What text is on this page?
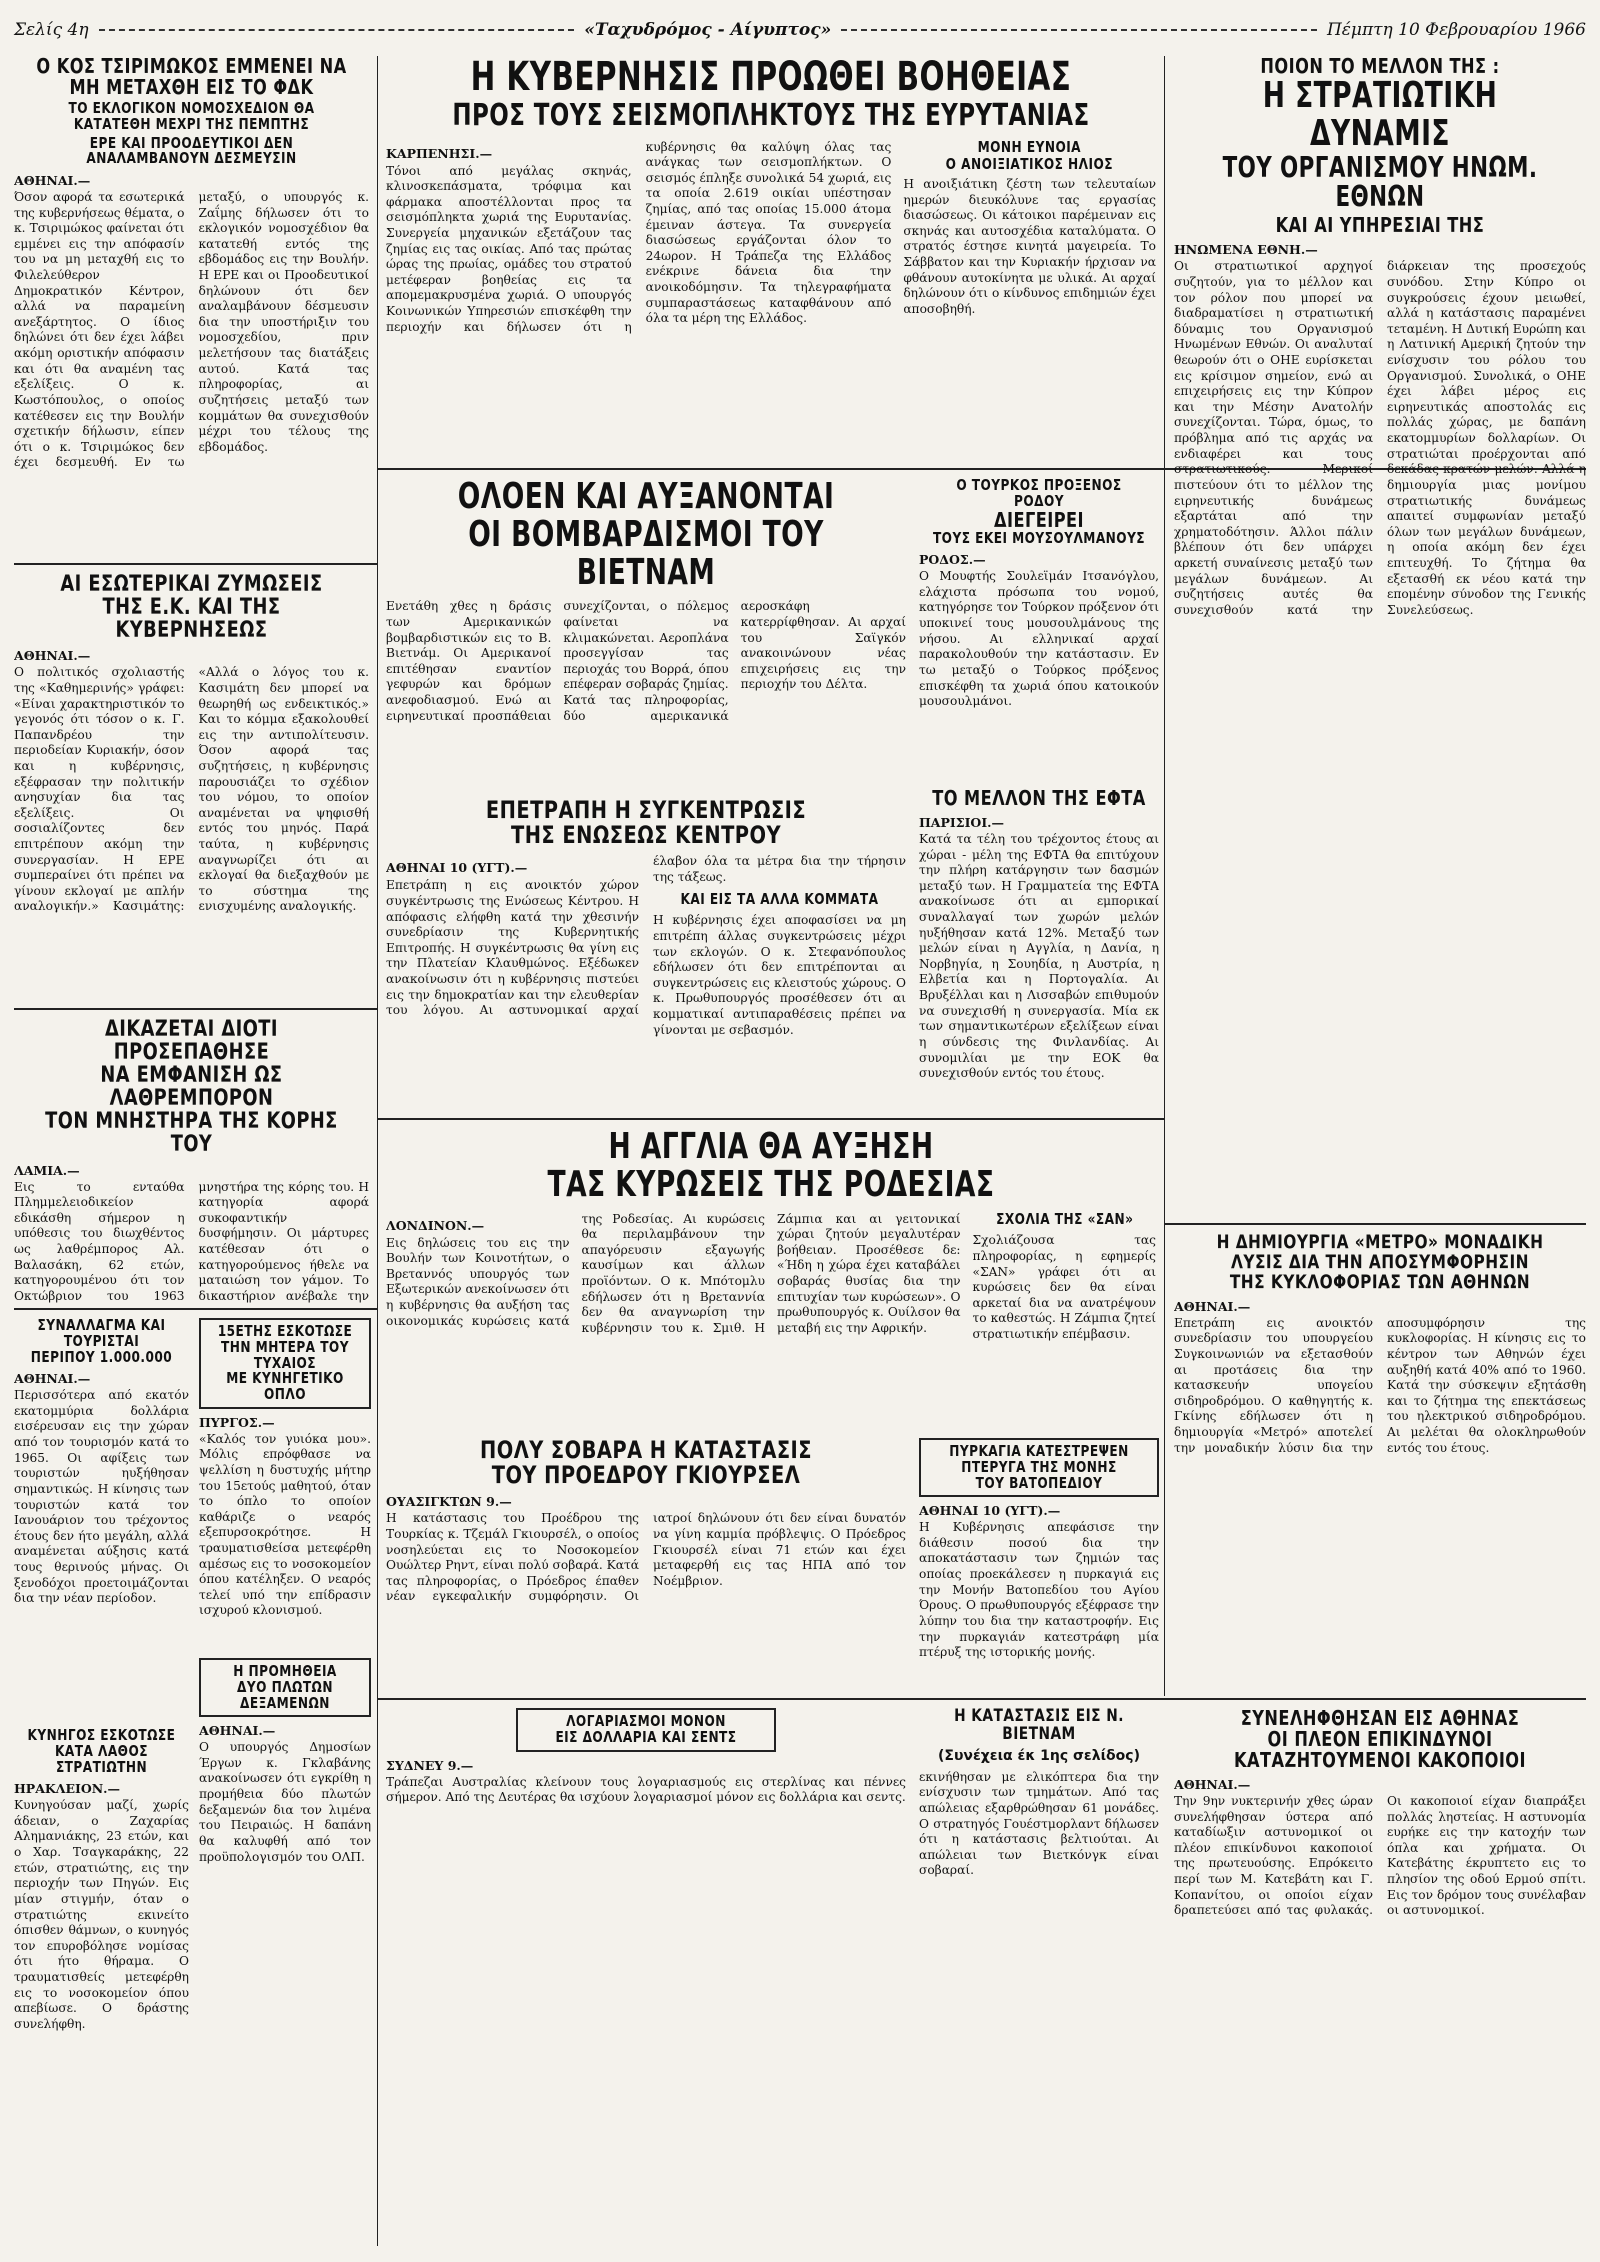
Σελίς 4η	«Ταχυδρόμος - Αίγυπτος»	Πέμπτη 10 Φεβρουαρίου 1966
Ο ΚΟΣ ΤΣΙΡΙΜΩΚΟΣ ΕΜΜΕΝΕΙ ΝΑ ΜΗ ΜΕΤΑΧΘΗ ΕΙΣ ΤΟ ΦΔΚ
ΤΟ ΕΚΛΟΓΙΚΟΝ ΝΟΜΟΣΧΕΔΙΟΝ ΘΑ ΚΑΤΑΤΕΘΗ ΜΕΧΡΙ ΤΗΣ ΠΕΜΠΤΗΣ
ΕΡΕ ΚΑΙ ΠΡΟΟΔΕΥΤΙΚΟΙ ΔΕΝ ΑΝΑΛΑΜΒΑΝΟΥΝ ΔΕΣΜΕΥΣΙΝ
ΑΘΗΝΑΙ.—
Όσον αφορά τα εσωτερικά της κυβερνήσεως θέματα, ο κ. Τσιριμώκος φαίνεται ότι εμμένει εις την απόφασίν του να μη μεταχθή εις το Φιλελεύθερον Δημοκρατικόν Κέντρον, αλλά να παραμείνη ανεξάρτητος. Ο ίδιος δηλώνει ότι δεν έχει λάβει ακόμη οριστικήν απόφασιν και ότι θα αναμένη τας εξελίξεις. Ο κ. Κωστόπουλος, ο οποίος κατέθεσεν εις την Βουλήν σχετικήν δήλωσιν, είπεν ότι ο κ. Τσιριμώκος δεν έχει δεσμευθή. Εν τω μεταξύ, ο υπουργός κ. Ζαΐμης δήλωσεν ότι το εκλογικόν νομοσχέδιον θα κατατεθή εντός της εβδομάδος εις την Βουλήν. Η ΕΡΕ και οι Προοδευτικοί δηλώνουν ότι δεν αναλαμβάνουν δέσμευσιν δια την υποστήριξιν του νομοσχεδίου, πριν μελετήσουν τας διατάξεις αυτού. Κατά τας πληροφορίας, αι συζητήσεις μεταξύ των κομμάτων θα συνεχισθούν μέχρι του τέλους της εβδομάδος.
Η ΚΥΒΕΡΝΗΣΙΣ ΠΡΟΩΘΕΙ ΒΟΗΘΕΙΑΣ
ΠΡΟΣ ΤΟΥΣ ΣΕΙΣΜΟΠΛΗΚΤΟΥΣ ΤΗΣ ΕΥΡΥΤΑΝΙΑΣ
ΚΑΡΠΕΝΗΣΙ.—
Τόνοι από μεγάλας σκηνάς, κλινοσκεπάσματα, τρόφιμα και φάρμακα αποστέλλονται προς τα σεισμόπληκτα χωριά της Ευρυτανίας. Συνεργεία μηχανικών εξετάζουν τας ζημίας εις τας οικίας. Από τας πρώτας ώρας της πρωίας, ομάδες του στρατού μετέφεραν βοηθείας εις τα απομεμακρυσμένα χωριά. Ο υπουργός Κοινωνικών Υπηρεσιών επισκέφθη την περιοχήν και δήλωσεν ότι η κυβέρνησις θα καλύψη όλας τας ανάγκας των σεισμοπλήκτων. Ο σεισμός έπληξε συνολικά 54 χωριά, εις τα οποία 2.619 οικίαι υπέστησαν ζημίας, από τας οποίας 15.000 άτομα έμειναν άστεγα. Τα συνεργεία διασώσεως εργάζονται όλον το 24ωρον. Η Τράπεζα της Ελλάδος ενέκρινε δάνεια δια την ανοικοδόμησιν. Τα τηλεγραφήματα συμπαραστάσεως καταφθάνουν από όλα τα μέρη της Ελλάδος.
ΜΟΝΗ ΕΥΝΟΙΑ
Ο ΑΝΟΙΞΙΑΤΙΚΟΣ ΗΛΙΟΣ
Η ανοιξιάτικη ζέστη των τελευταίων ημερών διευκόλυνε τας εργασίας διασώσεως. Οι κάτοικοι παρέμειναν εις σκηνάς και αυτοσχέδια καταλύματα. Ο στρατός έστησε κινητά μαγειρεία. Το Σάββατον και την Κυριακήν ήρχισαν να φθάνουν αυτοκίνητα με υλικά. Αι αρχαί δηλώνουν ότι ο κίνδυνος επιδημιών έχει αποσοβηθή.
ΠΟΙΟΝ ΤΟ ΜΕΛΛΟΝ ΤΗΣ :
Η ΣΤΡΑΤΙΩΤΙΚΗ ΔΥΝΑΜΙΣ
ΤΟΥ ΟΡΓΑΝΙΣΜΟΥ ΗΝΩΜ. ΕΘΝΩΝ
ΚΑΙ ΑΙ ΥΠΗΡΕΣΙΑΙ ΤΗΣ
ΗΝΩΜΕΝΑ ΕΘΝΗ.—
Οι στρατιωτικοί αρχηγοί συζητούν, για το μέλλον και τον ρόλον που μπορεί να διαδραματίσει η στρατιωτική δύναμις του Οργανισμού Ηνωμένων Εθνών. Οι αναλυταί θεωρούν ότι ο ΟΗΕ ευρίσκεται εις κρίσιμον σημείον, ενώ αι επιχειρήσεις εις την Κύπρον και την Μέσην Ανατολήν συνεχίζονται. Τώρα, όμως, το πρόβλημα από τις αρχάς να ενδιαφέρει και τους στρατιωτικούς. Μερικοί πιστεύουν ότι το μέλλον της ειρηνευτικής δυνάμεως εξαρτάται από την χρηματοδότησιν. Άλλοι πάλιν βλέπουν ότι δεν υπάρχει αρκετή συναίνεσις μεταξύ των μεγάλων δυνάμεων. Αι συζητήσεις αυτές θα συνεχισθούν κατά την διάρκειαν της προσεχούς συνόδου. Στην Κύπρο οι συγκρούσεις έχουν μειωθεί, αλλά η κατάστασις παραμένει τεταμένη. Η Δυτική Ευρώπη και η Λατινική Αμερική ζητούν την ενίσχυσιν του ρόλου του Οργανισμού. Συνολικά, ο ΟΗΕ έχει λάβει μέρος εις ειρηνευτικάς αποστολάς εις πολλάς χώρας, με δαπάνη εκατομμυρίων δολλαρίων. Οι στρατιώται προέρχονται από δεκάδας κρατών μελών. Αλλά η δημιουργία μιας μονίμου στρατιωτικής δυνάμεως απαιτεί συμφωνίαν μεταξύ όλων των μεγάλων δυνάμεων, η οποία ακόμη δεν έχει επιτευχθή. Το ζήτημα θα εξετασθή εκ νέου κατά την επομένην σύνοδον της Γενικής Συνελεύσεως.
ΑΙ ΕΣΩΤΕΡΙΚΑΙ ΖΥΜΩΣΕΙΣ
ΤΗΣ Ε.Κ. ΚΑΙ ΤΗΣ ΚΥΒΕΡΝΗΣΕΩΣ
ΑΘΗΝΑΙ.—
Ο πολιτικός σχολιαστής της «Καθημερινής» γράφει: «Είναι χαρακτηριστικόν το γεγονός ότι τόσον ο κ. Γ. Παπανδρέου την περιοδείαν Κυριακήν, όσον και η κυβέρνησις, εξέφρασαν την πολιτικήν ανησυχίαν δια τας εξελίξεις. Οι σοσιαλίζοντες δεν επιτρέπουν ακόμη την συνεργασίαν. Η ΕΡΕ συμπεραίνει ότι πρέπει να γίνουν εκλογαί με απλήν αναλογικήν.» Κασιμάτης: «Αλλά ο λόγος του κ. Κασιμάτη δεν μπορεί να θεωρηθή ως ενδεικτικός.» Και το κόμμα εξακολουθεί εις την αντιπολίτευσιν. Όσον αφορά τας συζητήσεις, η κυβέρνησις παρουσιάζει το σχέδιον του νόμου, το οποίον αναμένεται να ψηφισθή εντός του μηνός. Παρά ταύτα, η κυβέρνησις αναγνωρίζει ότι αι εκλογαί θα διεξαχθούν με το σύστημα της ενισχυμένης αναλογικής.
ΟΛΟΕΝ ΚΑΙ ΑΥΞΑΝΟΝΤΑΙ
ΟΙ ΒΟΜΒΑΡΔΙΣΜΟΙ ΤΟΥ ΒΙΕΤΝΑΜ
Ενετάθη χθες η δράσις των Αμερικανικών βομβαρδιστικών εις το Β. Βιετνάμ. Οι Αμερικανοί επιτέθησαν εναντίον γεφυρών και δρόμων ανεφοδιασμού. Ενώ αι ειρηνευτικαί προσπάθειαι συνεχίζονται, ο πόλεμος φαίνεται να κλιμακώνεται. Αεροπλάνα προσεγγίσαν τας περιοχάς του Βορρά, όπου επέφεραν σοβαράς ζημίας. Κατά τας πληροφορίας, δύο αμερικανικά αεροσκάφη κατερρίφθησαν. Αι αρχαί του Σαϊγκόν ανακοινώνουν νέας επιχειρήσεις εις την περιοχήν του Δέλτα.
Ο ΤΟΥΡΚΟΣ ΠΡΟΞΕΝΟΣ ΡΟΔΟΥ
ΔΙΕΓΕΙΡΕΙ
ΤΟΥΣ ΕΚΕΙ ΜΟΥΣΟΥΛΜΑΝΟΥΣ
ΡΟΔΟΣ.—
Ο Μουφτής Σουλεϊμάν Ιτσανόγλου, ελάχιστα πρόσωπα του νομού, κατηγόρησε τον Τούρκον πρόξενον ότι υποκινεί τους μουσουλμάνους της νήσου. Αι ελληνικαί αρχαί παρακολουθούν την κατάστασιν. Εν τω μεταξύ ο Τούρκος πρόξενος επισκέφθη τα χωριά όπου κατοικούν μουσουλμάνοι.
ΕΠΕΤΡΑΠΗ Η ΣΥΓΚΕΝΤΡΩΣΙΣ
ΤΗΣ ΕΝΩΣΕΩΣ ΚΕΝΤΡΟΥ
ΑΘΗΝΑΙ 10 (ΥΓΤ).—
Επετράπη η εις ανοικτόν χώρον συγκέντρωσις της Ενώσεως Κέντρου. Η απόφασις ελήφθη κατά την χθεσινήν συνεδρίασιν της Κυβερνητικής Επιτροπής. Η συγκέντρωσις θα γίνη εις την Πλατείαν Κλαυθμώνος. Εξέδωκεν ανακοίνωσιν ότι η κυβέρνησις πιστεύει εις την δημοκρατίαν και την ελευθερίαν του λόγου. Αι αστυνομικαί αρχαί έλαβον όλα τα μέτρα δια την τήρησιν της τάξεως.
ΚΑΙ ΕΙΣ ΤΑ ΑΛΛΑ ΚΟΜΜΑΤΑ
Η κυβέρνησις έχει αποφασίσει να μη επιτρέπη άλλας συγκεντρώσεις μέχρι των εκλογών. Ο κ. Στεφανόπουλος εδήλωσεν ότι δεν επιτρέπονται αι συγκεντρώσεις εις κλειστούς χώρους. Ο κ. Πρωθυπουργός προσέθεσεν ότι αι κομματικαί αντιπαραθέσεις πρέπει να γίνονται με σεβασμόν.
ΤΟ ΜΕΛΛΟΝ ΤΗΣ ΕΦΤΑ
ΠΑΡΙΣΙΟΙ.—
Κατά τα τέλη του τρέχοντος έτους αι χώραι - μέλη της ΕΦΤΑ θα επιτύχουν την πλήρη κατάργησιν των δασμών μεταξύ των. Η Γραμματεία της ΕΦΤΑ ανακοίνωσε ότι αι εμπορικαί συναλλαγαί των χωρών μελών ηυξήθησαν κατά 12%. Μεταξύ των μελών είναι η Αγγλία, η Δανία, η Νορβηγία, η Σουηδία, η Αυστρία, η Ελβετία και η Πορτογαλία. Αι Βρυξέλλαι και η Λισσαβών επιθυμούν να συνεχισθή η συνεργασία. Μία εκ των σημαντικωτέρων εξελίξεων είναι η σύνδεσις της Φινλανδίας. Αι συνομιλίαι με την ΕΟΚ θα συνεχισθούν εντός του έτους.
ΔΙΚΑΖΕΤΑΙ ΔΙΟΤΙ ΠΡΟΣΕΠΑΘΗΣΕ
ΝΑ ΕΜΦΑΝΙΣΗ ΩΣ ΛΑΘΡΕΜΠΟΡΟΝ
ΤΟΝ ΜΝΗΣΤΗΡΑ ΤΗΣ ΚΟΡΗΣ ΤΟΥ
ΛΑΜΙΑ.—
Εις το ενταύθα Πλημμελειοδικείον εδικάσθη σήμερον η υπόθεσις του διωχθέντος ως λαθρέμπορος Αλ. Βαλασάκη, 62 ετών, κατηγορουμένου ότι τον Οκτώβριον του 1963 μνηστήρα της κόρης του. Η κατηγορία αφορά συκοφαντικήν δυσφήμησιν. Οι μάρτυρες κατέθεσαν ότι ο κατηγορούμενος ήθελε να ματαιώση τον γάμον. Το δικαστήριον ανέβαλε την
Η ΑΓΓΛΙΑ ΘΑ ΑΥΞΗΣΗ
ΤΑΣ ΚΥΡΩΣΕΙΣ ΤΗΣ ΡΟΔΕΣΙΑΣ
ΛΟΝΔΙΝΟΝ.—
Εις δηλώσεις του εις την Βουλήν των Κοινοτήτων, ο Βρεταννός υπουργός των Εξωτερικών ανεκοίνωσεν ότι η κυβέρνησις θα αυξήση τας οικονομικάς κυρώσεις κατά της Ροδεσίας. Αι κυρώσεις θα περιλαμβάνουν την απαγόρευσιν εξαγωγής καυσίμων και άλλων προϊόντων. Ο κ. Μπότομλυ εδήλωσεν ότι η Βρεταννία δεν θα αναγνωρίση την κυβέρνησιν του κ. Σμιθ. Η Ζάμπια και αι γειτονικαί χώραι ζητούν μεγαλυτέραν βοήθειαν. Προσέθεσε δε: «Ήδη η χώρα έχει καταβάλει σοβαράς θυσίας δια την επιτυχίαν των κυρώσεων». Ο πρωθυπουργός κ. Ουίλσον θα μεταβή εις την Αφρικήν.
ΣΧΟΛΙΑ ΤΗΣ «ΣΑΝ»
Σχολιάζουσα τας πληροφορίας, η εφημερίς «ΣΑΝ» γράφει ότι αι κυρώσεις δεν θα είναι αρκεταί δια να ανατρέψουν το καθεστώς. Η Ζάμπια ζητεί στρατιωτικήν επέμβασιν.
ΣΥΝΑΛΛΑΓΜΑ ΚΑΙ ΤΟΥΡΙΣΤΑΙ
ΠΕΡΙΠΟΥ 1.000.000
ΑΘΗΝΑΙ.—
Περισσότερα από εκατόν εκατομμύρια δολλάρια εισέρευσαν εις την χώραν από τον τουρισμόν κατά το 1965. Οι αφίξεις των τουριστών ηυξήθησαν σημαντικώς. Η κίνησις των τουριστών κατά τον Ιανουάριον του τρέχοντος έτους δεν ήτο μεγάλη, αλλά αναμένεται αύξησις κατά τους θερινούς μήνας. Οι ξενοδόχοι προετοιμάζονται δια την νέαν περίοδον.
15ΕΤΗΣ ΕΣΚΟΤΩΣΕ
ΤΗΝ ΜΗΤΕΡΑ ΤΟΥ ΤΥΧΑΙΟΣ
ΜΕ ΚΥΝΗΓΕΤΙΚΟ ΟΠΛΟ
ΠΥΡΓΟΣ.—
«Καλός τον γυιόκα μου». Μόλις επρόφθασε να ψελλίση η δυστυχής μήτηρ του 15ετούς μαθητού, όταν το όπλο το οποίον καθάριζε ο νεαρός εξεπυρσοκρότησε. Η τραυματισθείσα μετεφέρθη αμέσως εις το νοσοκομείον όπου κατέληξεν. Ο νεαρός τελεί υπό την επίδρασιν ισχυρού κλονισμού.
ΚΥΝΗΓΟΣ ΕΣΚΟΤΩΣΕ
ΚΑΤΑ ΛΑΘΟΣ ΣΤΡΑΤΙΩΤΗΝ
ΗΡΑΚΛΕΙΟΝ.—
Κυνηγούσαν μαζί, χωρίς άδειαν, ο Ζαχαρίας Αλημανιάκης, 23 ετών, και ο Χαρ. Τσαγκαράκης, 22 ετών, στρατιώτης, εις την περιοχήν των Πηγών. Εις μίαν στιγμήν, όταν ο στρατιώτης εκινείτο όπισθεν θάμνων, ο κυνηγός τον επυροβόλησε νομίσας ότι ήτο θήραμα. Ο τραυματισθείς μετεφέρθη εις το νοσοκομείον όπου απεβίωσε. Ο δράστης συνελήφθη.
Η ΠΡΟΜΗΘΕΙΑ
ΔΥΟ ΠΛΩΤΩΝ ΔΕΞΑΜΕΝΩΝ
ΑΘΗΝΑΙ.—
Ο υπουργός Δημοσίων Έργων κ. Γκλαβάνης ανακοίνωσεν ότι εγκρίθη η προμήθεια δύο πλωτών δεξαμενών δια τον λιμένα του Πειραιώς. Η δαπάνη θα καλυφθή από τον προϋπολογισμόν του ΟΛΠ.
ΠΥΡΚΑΓΙΑ ΚΑΤΕΣΤΡΕΨΕΝ
ΠΤΕΡΥΓΑ ΤΗΣ ΜΟΝΗΣ
ΤΟΥ ΒΑΤΟΠΕΔΙΟΥ
ΑΘΗΝΑΙ 10 (ΥΓΤ).—
Η Κυβέρνησις απεφάσισε την διάθεσιν ποσού δια την αποκατάστασιν των ζημιών τας οποίας προεκάλεσεν η πυρκαγιά εις την Μονήν Βατοπεδίου του Αγίου Όρους. Ο πρωθυπουργός εξέφρασε την λύπην του δια την καταστροφήν. Εις την πυρκαγιάν κατεστράφη μία πτέρυξ της ιστορικής μονής.
ΠΟΛΥ ΣΟΒΑΡΑ Η ΚΑΤΑΣΤΑΣΙΣ
ΤΟΥ ΠΡΟΕΔΡΟΥ ΓΚΙΟΥΡΣΕΛ
ΟΥΑΣΙΓΚΤΩΝ 9.—
Η κατάστασις του Προέδρου της Τουρκίας κ. Τζεμάλ Γκιουρσέλ, ο οποίος νοσηλεύεται εις το Νοσοκομείον Ουώλτερ Ρηντ, είναι πολύ σοβαρά. Κατά τας πληροφορίας, ο Πρόεδρος έπαθεν νέαν εγκεφαλικήν συμφόρησιν. Οι ιατροί δηλώνουν ότι δεν είναι δυνατόν να γίνη καμμία πρόβλεψις. Ο Πρόεδρος Γκιουρσέλ είναι 71 ετών και έχει μεταφερθή εις τας ΗΠΑ από τον Νοέμβριον.
Η ΚΑΤΑΣΤΑΣΙΣ ΕΙΣ Ν. ΒΙΕΤΝΑΜ
(Συνέχεια έκ 1ης σελίδος)
εκινήθησαν με ελικόπτερα δια την ενίσχυσιν των τμημάτων. Από τας απώλειας εξαρθρώθησαν 61 μονάδες. Ο στρατηγός Γουέστμορλαντ δήλωσεν ότι η κατάστασις βελτιούται. Αι απώλειαι των Βιετκόνγκ είναι σοβαραί.
ΛΟΓΑΡΙΑΣΜΟΙ ΜΟΝΟΝ
ΕΙΣ ΔΟΛΛΑΡΙΑ ΚΑΙ ΣΕΝΤΣ
ΣΥΔΝΕΥ 9.—
Τράπεζαι Αυστραλίας κλείνουν τους λογαριασμούς εις στερλίνας και πέννες σήμερον. Από της Δευτέρας θα ισχύουν λογαριασμοί μόνον εις δολλάρια και σεντς.
Η ΔΗΜΙΟΥΡΓΙΑ «ΜΕΤΡΟ» ΜΟΝΑΔΙΚΗ
ΛΥΣΙΣ ΔΙΑ ΤΗΝ ΑΠΟΣΥΜΦΟΡΗΣΙΝ
ΤΗΣ ΚΥΚΛΟΦΟΡΙΑΣ ΤΩΝ ΑΘΗΝΩΝ
ΑΘΗΝΑΙ.—
Επετράπη εις ανοικτόν συνεδρίασιν του υπουργείου Συγκοινωνιών να εξετασθούν αι προτάσεις δια την κατασκευήν υπογείου σιδηροδρόμου. Ο καθηγητής κ. Γκίνης εδήλωσεν ότι η δημιουργία «Μετρό» αποτελεί την μοναδικήν λύσιν δια την αποσυμφόρησιν της κυκλοφορίας. Η κίνησις εις το κέντρον των Αθηνών έχει αυξηθή κατά 40% από το 1960. Κατά την σύσκεψιν εξητάσθη και το ζήτημα της επεκτάσεως του ηλεκτρικού σιδηροδρόμου. Αι μελέται θα ολοκληρωθούν εντός του έτους.
ΣΥΝΕΛΗΦΘΗΣΑΝ ΕΙΣ ΑΘΗΝΑΣ
ΟΙ ΠΛΕΟΝ ΕΠΙΚΙΝΔΥΝΟΙ
ΚΑΤΑΖΗΤΟΥΜΕΝΟΙ ΚΑΚΟΠΟΙΟΙ
ΑΘΗΝΑΙ.—
Την 9ην νυκτερινήν χθες ώραν συνελήφθησαν ύστερα από καταδίωξιν αστυνομικοί οι πλέον επικίνδυνοι κακοποιοί της πρωτευούσης. Επρόκειτο περί των Μ. Κατεβάτη και Γ. Κοπανίτου, οι οποίοι είχαν δραπετεύσει από τας φυλακάς. Οι κακοποιοί είχαν διαπράξει πολλάς ληστείας. Η αστυνομία ευρήκε εις την κατοχήν των όπλα και χρήματα. Οι Κατεβάτης έκρυπτετο εις το πλησίον της οδού Ερμού σπίτι. Εις τον δρόμον τους συνέλαβαν οι αστυνομικοί.
